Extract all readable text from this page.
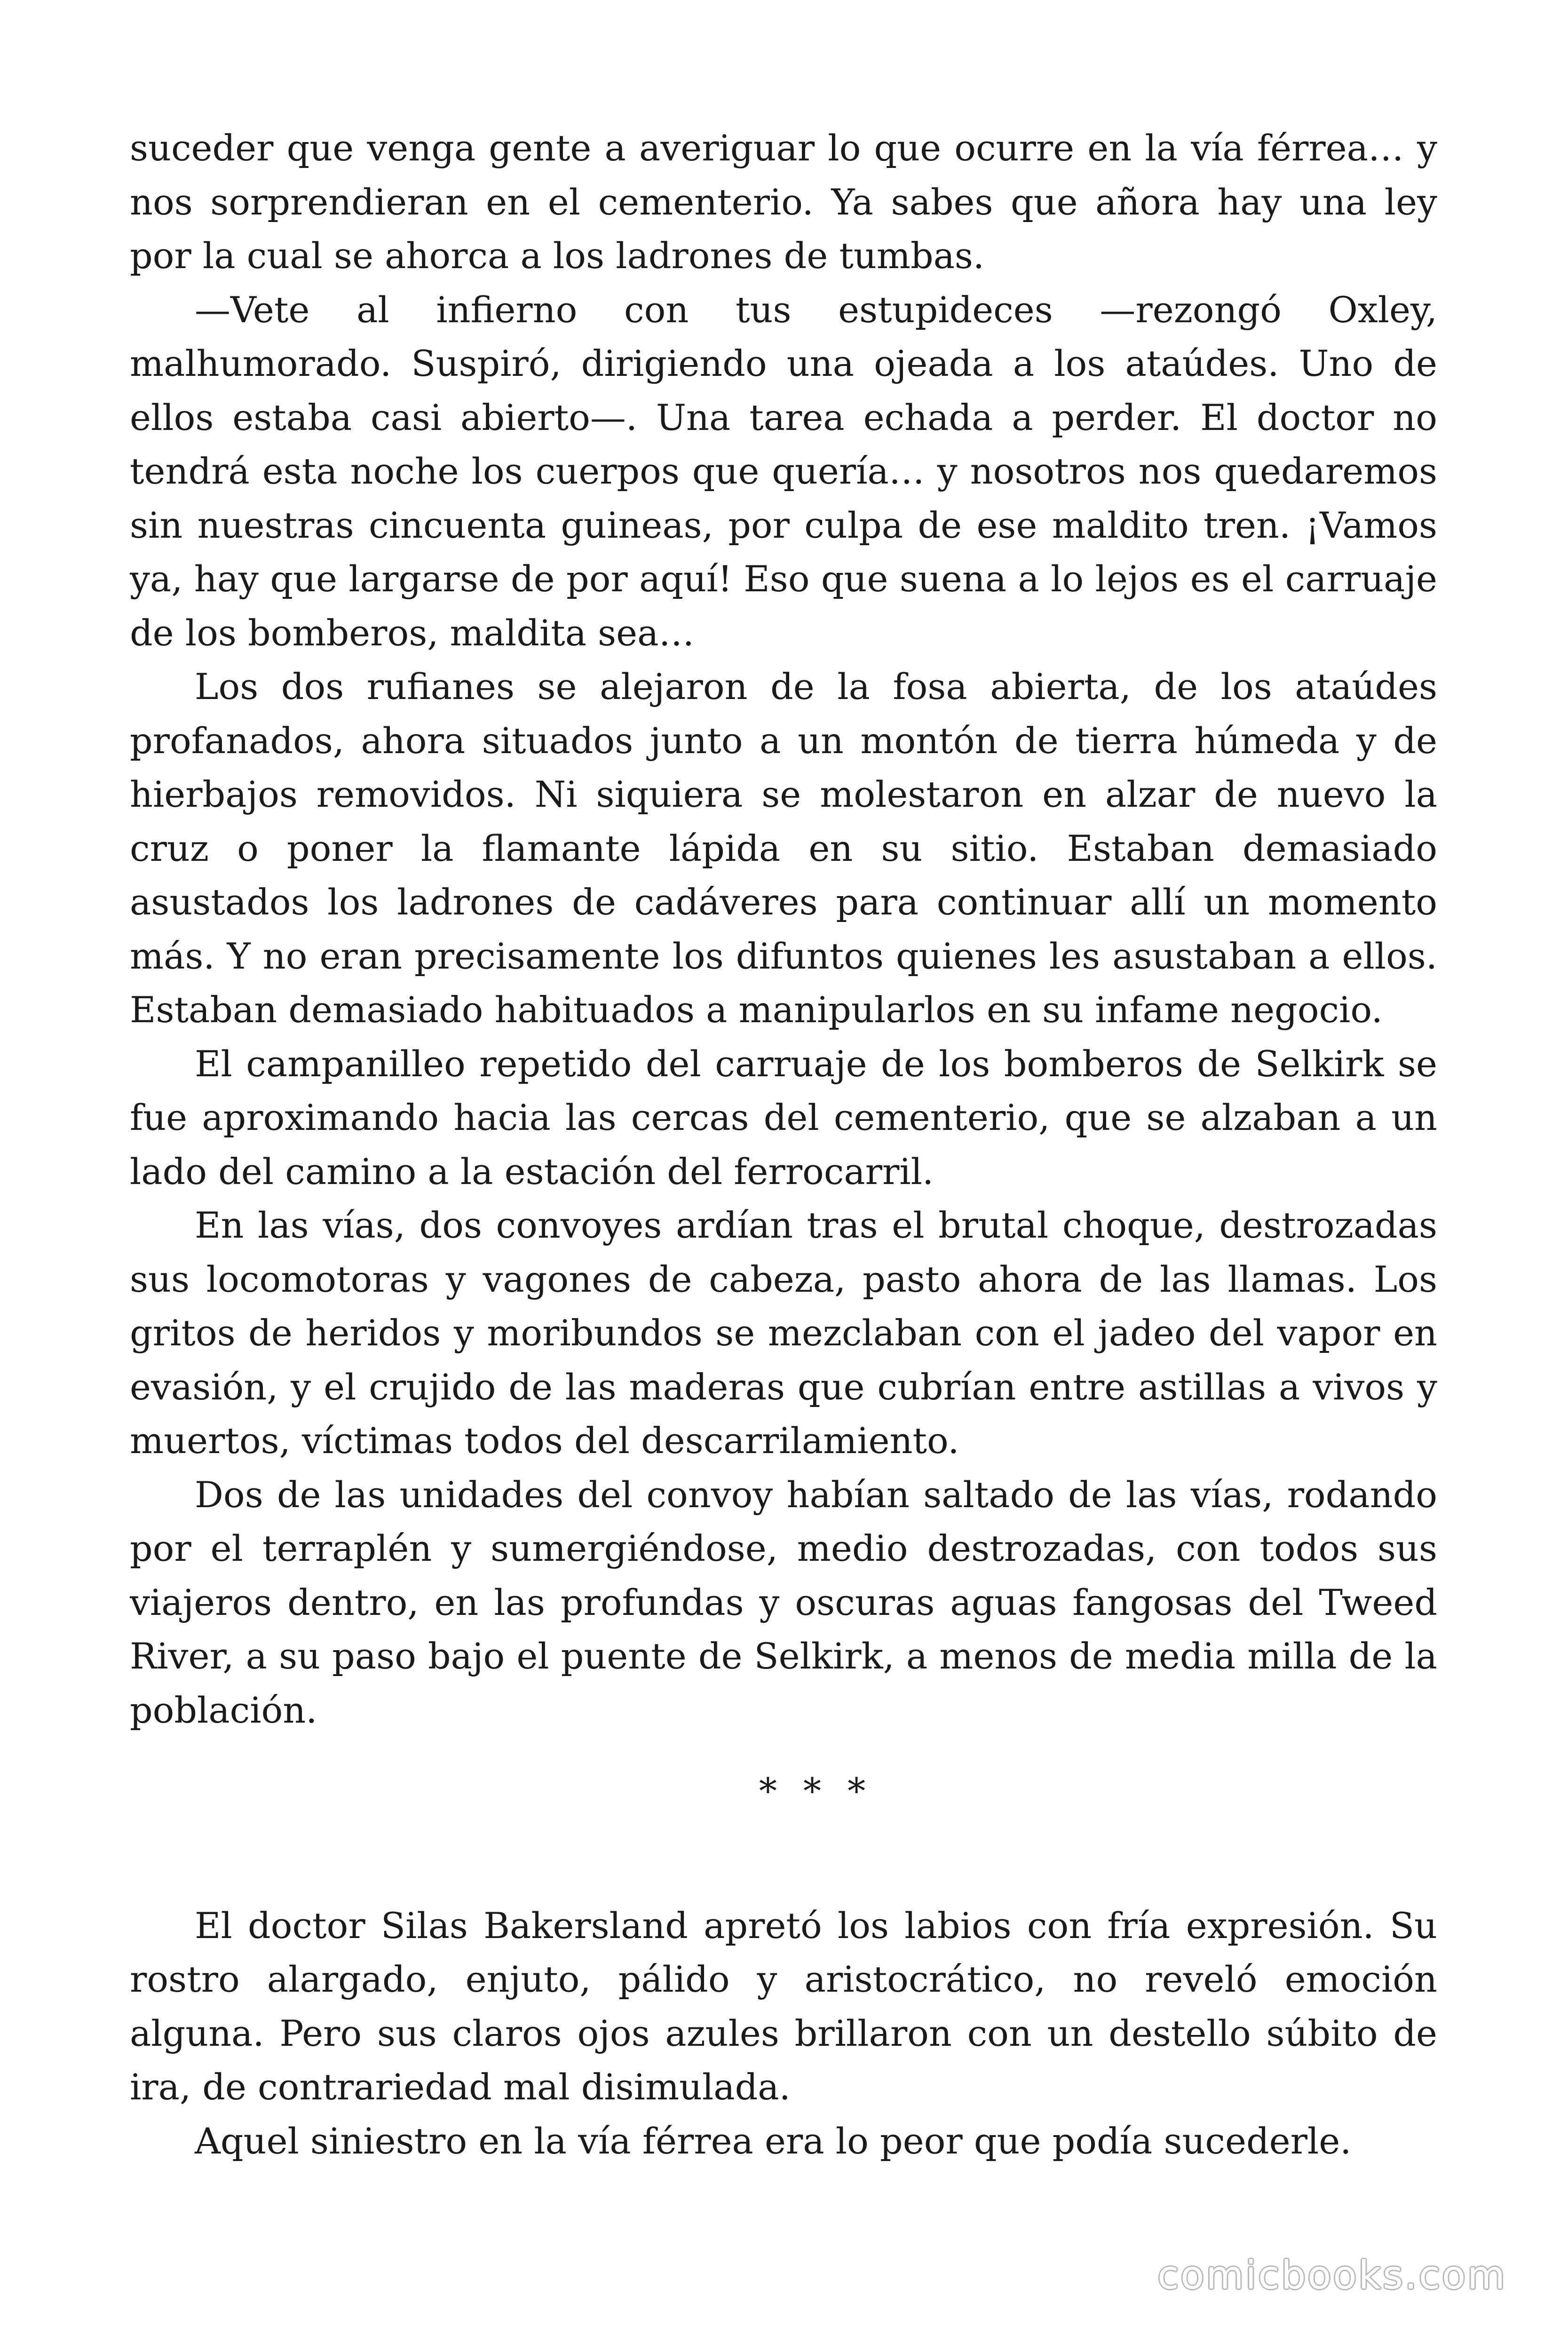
suceder que venga gente a averiguar lo que ocurre en la vía férrea… y nos sorprendieran en el cementerio. Ya sabes que añora hay una ley por la cual se ahorca a los ladrones de tumbas.

—Vete al infierno con tus estupideces —rezongó Oxley, malhumorado. Suspiró, dirigiendo una ojeada a los ataúdes. Uno de ellos estaba casi abierto—. Una tarea echada a perder. El doctor no tendrá esta noche los cuerpos que quería… y nosotros nos quedaremos sin nuestras cincuenta guineas, por culpa de ese maldito tren. ¡Vamos ya, hay que largarse de por aquí! Eso que suena a lo lejos es el carruaje de los bomberos, maldita sea…

Los dos rufianes se alejaron de la fosa abierta, de los ataúdes profanados, ahora situados junto a un montón de tierra húmeda y de hierbajos removidos. Ni siquiera se molestaron en alzar de nuevo la cruz o poner la flamante lápida en su sitio. Estaban demasiado asustados los ladrones de cadáveres para continuar allí un momento más. Y no eran precisamente los difuntos quienes les asustaban a ellos. Estaban demasiado habituados a manipularlos en su infame negocio.

El campanilleo repetido del carruaje de los bomberos de Selkirk se fue aproximando hacia las cercas del cementerio, que se alzaban a un lado del camino a la estación del ferrocarril.

En las vías, dos convoyes ardían tras el brutal choque, destrozadas sus locomotoras y vagones de cabeza, pasto ahora de las llamas. Los gritos de heridos y moribundos se mezclaban con el jadeo del vapor en evasión, y el crujido de las maderas que cubrían entre astillas a vivos y muertos, víctimas todos del descarrilamiento.

Dos de las unidades del convoy habían saltado de las vías, rodando por el terraplén y sumergiéndose, medio destrozadas, con todos sus viajeros dentro, en las profundas y oscuras aguas fangosas del Tweed River, a su paso bajo el puente de Selkirk, a menos de media milla de la población.

* * *

El doctor Silas Bakersland apretó los labios con fría expresión. Su rostro alargado, enjuto, pálido y aristocrático, no reveló emoción alguna. Pero sus claros ojos azules brillaron con un destello súbito de ira, de contrariedad mal disimulada.

Aquel siniestro en la vía férrea era lo peor que podía sucederle.

comicbooks.com
